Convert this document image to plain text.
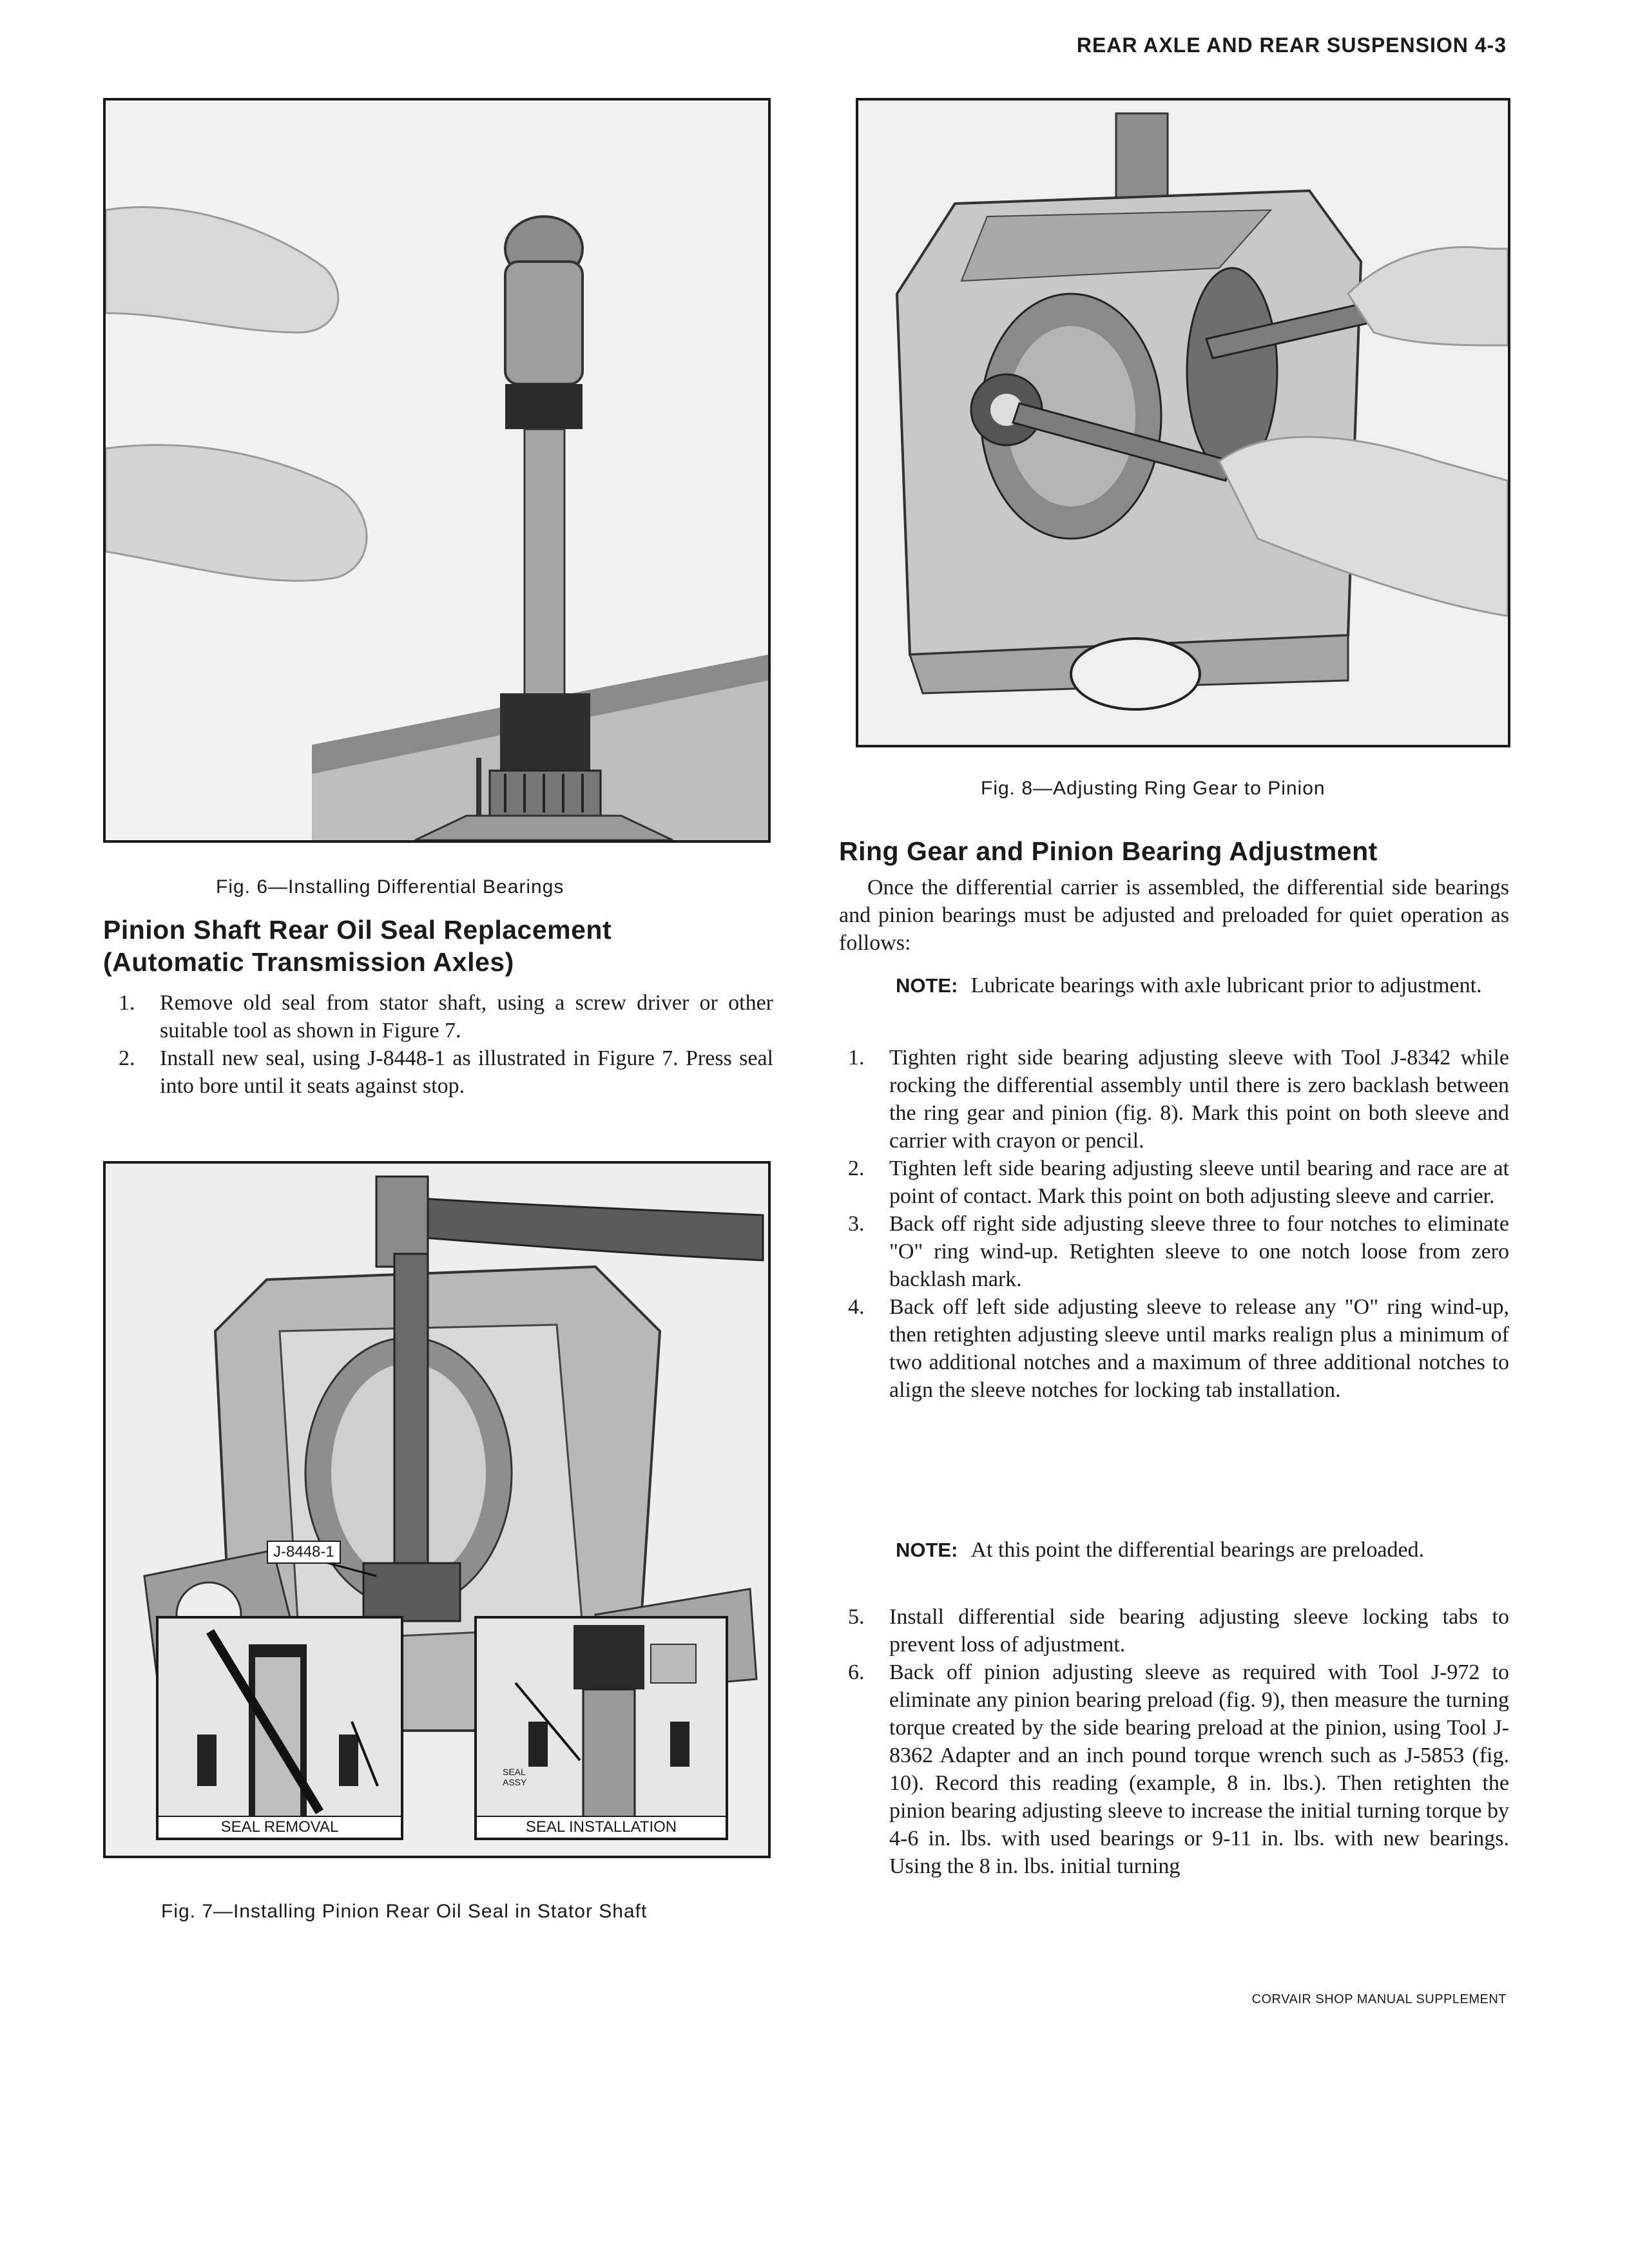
REAR AXLE AND REAR SUSPENSION 4-3
Fig. 6—Installing Differential Bearings
Pinion Shaft Rear Oil Seal Replacement
(Automatic Transmission Axles)
1. Remove old seal from stator shaft, using a screw driver or other suitable tool as shown in Figure 7.
2. Install new seal, using J-8448-1 as illustrated in Figure 7. Press seal into bore until it seats against stop.
J-8448-1
SEAL REMOVAL
SEAL ASSY
SEAL INSTALLATION
Fig. 7—Installing Pinion Rear Oil Seal in Stator Shaft
Fig. 8—Adjusting Ring Gear to Pinion
Ring Gear and Pinion Bearing Adjustment
Once the differential carrier is assembled, the differential side bearings and pinion bearings must be adjusted and preloaded for quiet operation as follows:
NOTE: Lubricate bearings with axle lubricant prior to adjustment.
1. Tighten right side bearing adjusting sleeve with Tool J-8342 while rocking the differential assembly until there is zero backlash between the ring gear and pinion (fig. 8). Mark this point on both sleeve and carrier with crayon or pencil.
2. Tighten left side bearing adjusting sleeve until bearing and race are at point of contact. Mark this point on both adjusting sleeve and carrier.
3. Back off right side adjusting sleeve three to four notches to eliminate "O" ring wind-up. Retighten sleeve to one notch loose from zero backlash mark.
4. Back off left side adjusting sleeve to release any "O" ring wind-up, then retighten adjusting sleeve until marks realign plus a minimum of two additional notches and a maximum of three additional notches to align the sleeve notches for locking tab installation.
NOTE: At this point the differential bearings are preloaded.
5. Install differential side bearing adjusting sleeve locking tabs to prevent loss of adjustment.
6. Back off pinion adjusting sleeve as required with Tool J-972 to eliminate any pinion bearing preload (fig. 9), then measure the turning torque created by the side bearing preload at the pinion, using Tool J-8362 Adapter and an inch pound torque wrench such as J-5853 (fig. 10). Record this reading (example, 8 in. lbs.). Then retighten the pinion bearing adjusting sleeve to increase the initial turning torque by 4-6 in. lbs. with used bearings or 9-11 in. lbs. with new bearings. Using the 8 in. lbs. initial turning
CORVAIR SHOP MANUAL SUPPLEMENT
